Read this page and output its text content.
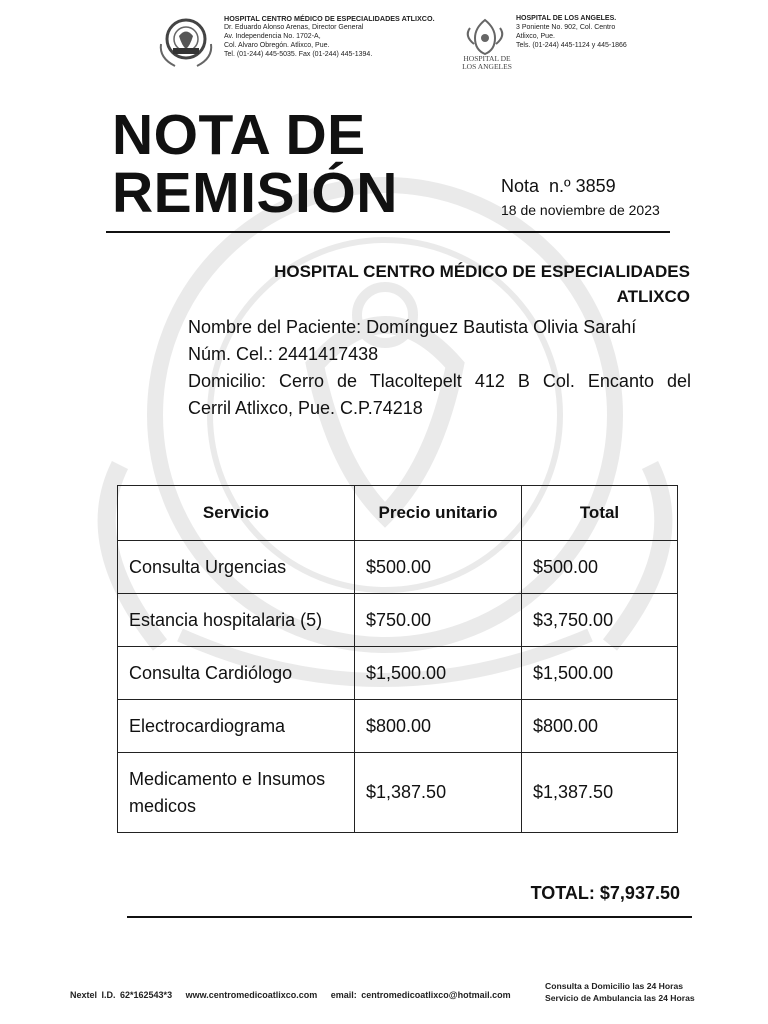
HOSPITAL CENTRO MÉDICO DE ESPECIALIDADES ATLIXCO.
Dr. Eduardo Alonso Arenas, Director General
Av. Independencia No. 1702-A,
Col. Alvaro Obregón. Atlixco, Pue.
Tel. (01-244) 445-5035. Fax (01-244) 445-1394.	HOSPITAL DE
LOS ANGELES
HOSPITAL DE LOS ANGELES.
3 Poniente No. 902, Col. Centro
Atlixco, Pue.
Tels. (01-244) 445-1124 y 445-1866
NOTA DE
REMISIÓN	Nota  n.º 3859
18 de noviembre de 2023
HOSPITAL CENTRO MÉDICO DE ESPECIALIDADES
ATLIXCO
Nombre del Paciente: Domínguez Bautista Olivia Sarahí
Núm. Cel.: 2441417438
Domicilio: Cerro de Tlacoltepelt 412 B Col. Encanto del
Cerril Atlixco, Pue. C.P.74218
Servicio	Precio unitario	Total
Consulta Urgencias	$500.00	$500.00
Estancia hospitalaria (5)	$750.00	$3,750.00
Consulta Cardiólogo	$1,500.00	$1,500.00
Electrocardiograma	$800.00	$800.00
Medicamento e Insumos medicos	$1,387.50	$1,387.50
TOTAL: $7,937.50
Nextel I.D. 62*162543*3   www.centromedicoatlixco.com   email: centromedicoatlixco@hotmail.com
Consulta a Domicilio las 24 Horas
Servicio de Ambulancia las 24 Horas
